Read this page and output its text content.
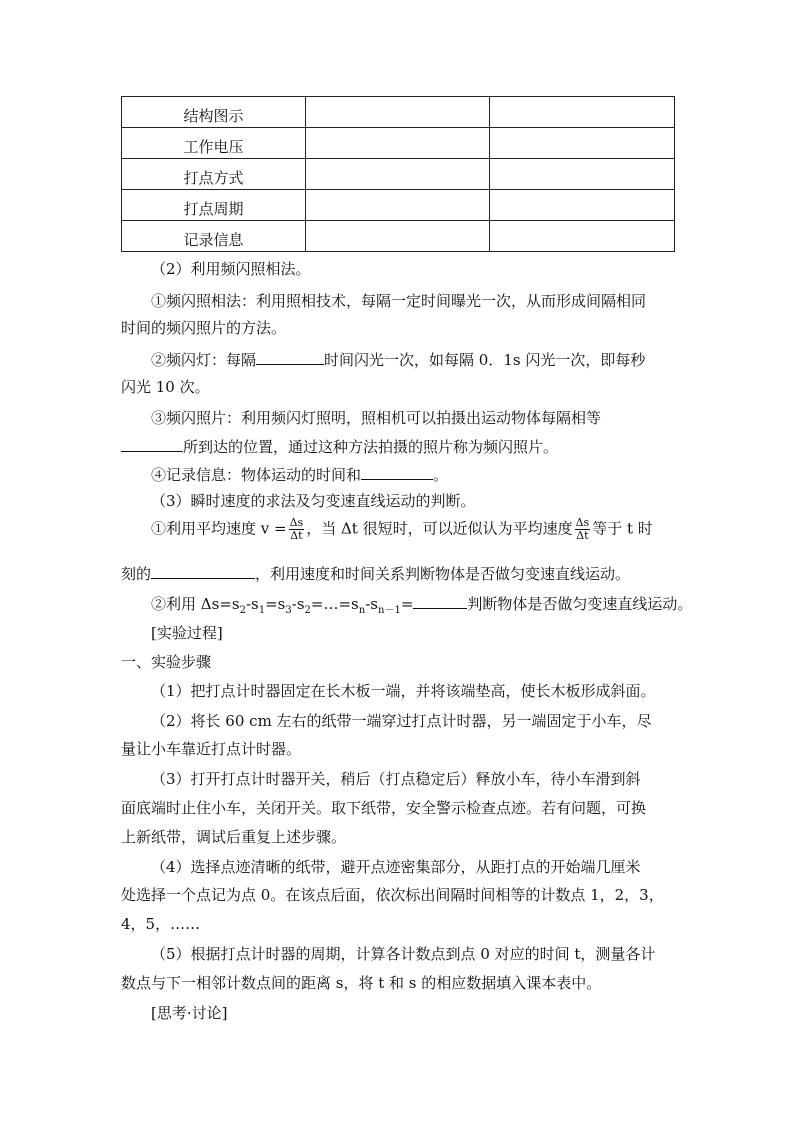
结构图示		
工作电压		
打点方式		
打点周期		
记录信息		
（2）利用频闪照相法。
①频闪照相法：利用照相技术，每隔一定时间曝光一次，从而形成间隔相同
时间的频闪照片的方法。
②频闪灯：每隔	时间闪光一次，如每隔 0．1s 闪光一次，即每秒
闪光 10 次。
③频闪照片：利用频闪灯照明，照相机可以拍摄出运动物体每隔相等
所到达的位置，通过这种方法拍摄的照片称为频闪照片。
④记录信息：物体运动的时间和	。
（3）瞬时速度的求法及匀变速直线运动的判断。
①利用平均速度 $v = \frac{\Delta s}{\Delta t}$ ，当 Δt 很短时，可以近似认为平均速度 $\frac{\Delta s}{\Delta t}$ 等于 t 时
刻的	，利用速度和时间关系判断物体是否做匀变速直线运动。
②利用 $\Delta s=s_2-s_1=s_3-s_2=\dots=s_n-s_{n-1}=$	判断物体是否做匀变速直线运动。
[实验过程]
一、实验步骤
（1）把打点计时器固定在长木板一端，并将该端垫高，使长木板形成斜面。
（2）将长 60 cm 左右的纸带一端穿过打点计时器，另一端固定于小车，尽
量让小车靠近打点计时器。
（3）打开打点计时器开关，稍后（打点稳定后）释放小车，待小车滑到斜
面底端时止住小车，关闭开关。取下纸带，安全警示检查点迹。若有问题，可换
上新纸带，调试后重复上述步骤。
（4）选择点迹清晰的纸带，避开点迹密集部分，从距打点的开始端几厘米
处选择一个点记为点 0。在该点后面，依次标出间隔时间相等的计数点 1，2，3，
4，5，……
（5）根据打点计时器的周期，计算各计数点到点 0 对应的时间 t，测量各计
数点与下一相邻计数点间的距离 s，将 t 和 s 的相应数据填入课本表中。
[思考·讨论]
